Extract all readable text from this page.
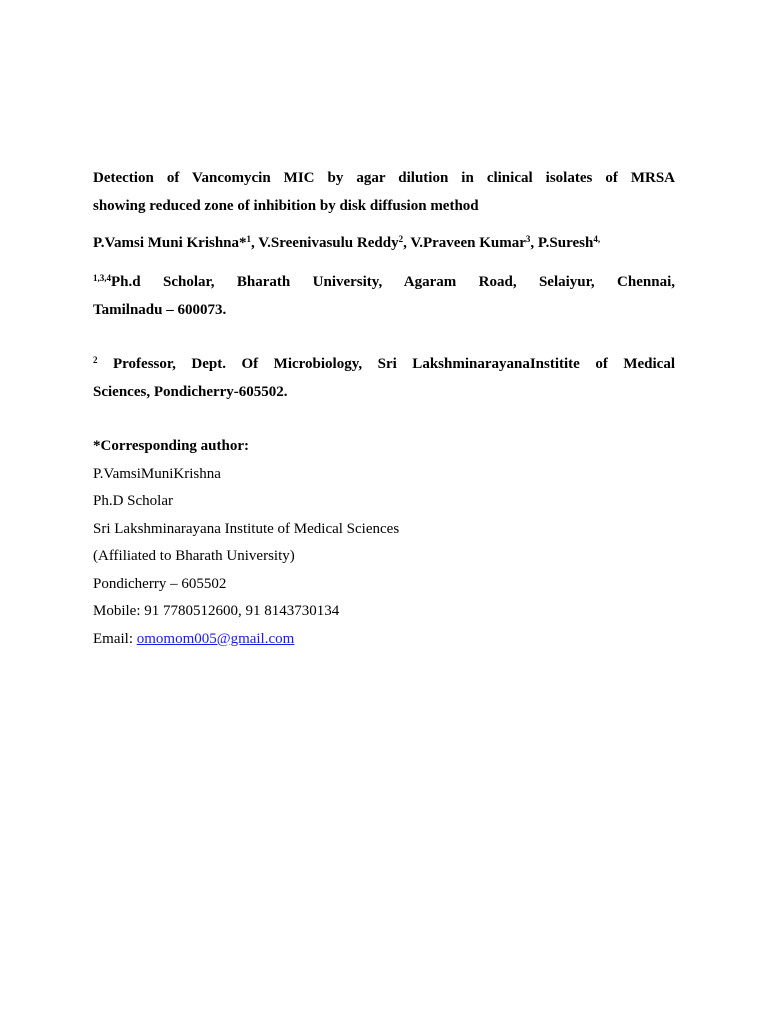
Detection of Vancomycin MIC by agar dilution in clinical isolates of MRSA
showing reduced zone of inhibition by disk diffusion method
P.Vamsi Muni Krishna*$^1$, V.Sreenivasulu Reddy$^2$, V.Praveen Kumar$^3$, P.Suresh$^{4,}$
$^{1,3,4}$Ph.d Scholar, Bharath University, Agaram Road, Selaiyur, Chennai,
Tamilnadu – 600073.
$^2$ Professor, Dept. Of Microbiology, Sri LakshminarayanaInstitite of Medical
Sciences, Pondicherry-605502.
*Corresponding author:
P.VamsiMuniKrishna
Ph.D Scholar
Sri Lakshminarayana Institute of Medical Sciences
(Affiliated to Bharath University)
Pondicherry – 605502
Mobile: 91 7780512600, 91 8143730134
Email: omomom005@gmail.com
